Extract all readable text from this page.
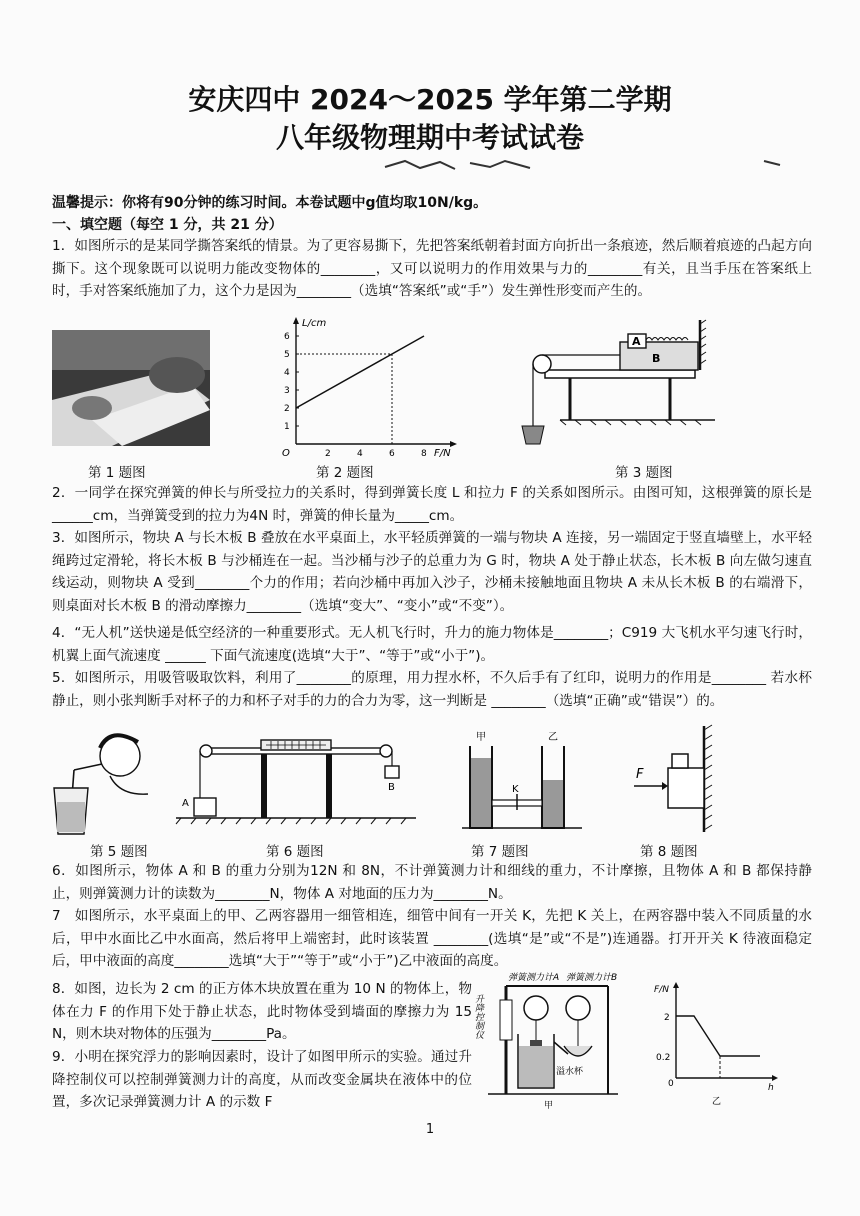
安庆四中 2024～2025 学年第二学期
八年级物理期中考试试卷
温馨提示：你将有90分钟的练习时间。本卷试题中g值均取10N/kg。
一、填空题（每空 1 分，共 21 分）
1．如图所示的是某同学撕答案纸的情景。为了更容易撕下，先把答案纸朝着封面方向折出一条痕迹，然后顺着痕迹的凸起方向撕下。这个现象既可以说明力能改变物体的________，又可以说明力的作用效果与力的________有关，且当手压在答案纸上时，手对答案纸施加了力，这个力是因为________（选填“答案纸”或“手”）发生弹性形变而产生的。
第 1 题图
L/cm
F/N
O	2	4	6	8
1
2
3
4
5
6
第 2 题图
A
B
第 3 题图
2．一同学在探究弹簧的伸长与所受拉力的关系时，得到弹簧长度 L 和拉力 F 的关系如图所示。由图可知，这根弹簧的原长是______cm，当弹簧受到的拉力为4N 时，弹簧的伸长量为_____cm。
3．如图所示，物块 A 与长木板 B 叠放在水平桌面上，水平轻质弹簧的一端与物块 A 连接，另一端固定于竖直墙壁上，水平轻绳跨过定滑轮，将长木板 B 与沙桶连在一起。当沙桶与沙子的总重力为 G 时，物块 A 处于静止状态，长木板 B 向左做匀速直线运动，则物块 A 受到________个力的作用；若向沙桶中再加入沙子，沙桶未接触地面且物块 A 未从长木板 B 的右端滑下，则桌面对长木板 B 的滑动摩擦力________（选填“变大”、“变小”或“不变”）。
4．“无人机”送快递是低空经济的一种重要形式。无人机飞行时，升力的施力物体是________；C919 大飞机水平匀速飞行时，机翼上面气流速度 ______ 下面气流速度(选填“大于”、“等于”或“小于”)。
5．如图所示，用吸管吸取饮料，利用了________的原理，用力捏水杯，不久后手有了红印，说明力的作用是________ 若水杯静止，则小张判断手对杯子的力和杯子对手的力的合力为零，这一判断是 ________（选填“正确”或“错误”）的。
第 5 题图
A
B
第 6 题图
甲	乙
K
第 7 题图
F
第 8 题图
6．如图所示，物体 A 和 B 的重力分别为12N 和 8N，不计弹簧测力计和细线的重力，不计摩擦，且物体 A 和 B 都保持静止，则弹簧测力计的读数为________N，物体 A 对地面的压力为________N。
7　如图所示，水平桌面上的甲、乙两容器用一细管相连，细管中间有一开关 K，先把 K 关上，在两容器中装入不同质量的水后，甲中水面比乙中水面高，然后将甲上端密封，此时该装置 ________(选填“是”或“不是”)连通器。打开开关 K 待液面稳定后，甲中液面的高度________选填“大于”“等于”或“小于”)乙中液面的高度。
8．如图，边长为 2 cm 的正方体木块放置在重为 10 N 的物体上，物体在力 F 的作用下处于静止状态，此时物体受到墙面的摩擦力为 15 N，则木块对物体的压强为________Pa。
9．小明在探究浮力的影响因素时，设计了如图甲所示的实验。通过升降控制仪可以控制弹簧测力计的高度，从而改变金属块在液体中的位置，多次记录弹簧测力计 A 的示数 F
升降控制仪
弹簧测力计A 弹簧测力计B
溢水杯
甲
F/N
2
0.2
0	h
乙
1
